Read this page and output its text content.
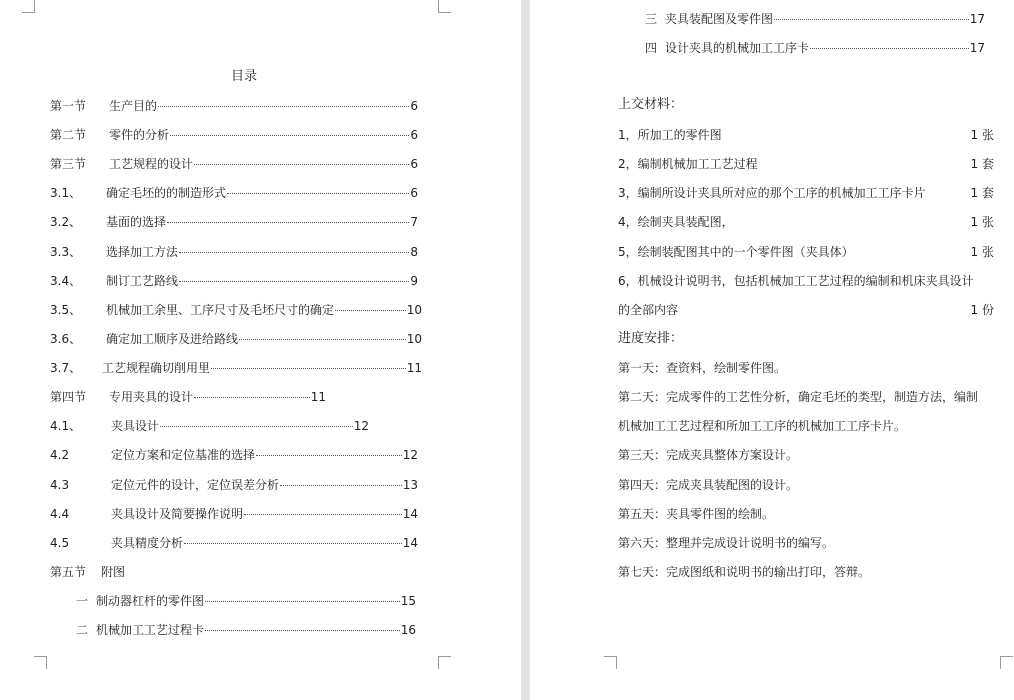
目录
第一节 生产目的	6
第二节 零件的分析	6
第三节 工艺规程的设计	6
3.1、 确定毛坯的的制造形式	6
3.2、 基面的选择	7
3.3、 选择加工方法	8
3.4、 制订工艺路线	9
3.5、 机械加工余里、工序尺寸及毛坯尺寸的确定	10
3.6、 确定加工顺序及进给路线	10
3.7、 工艺规程确切削用里	11
第四节 专用夹具的设计	11
4.1、 夹具设计	12
4.2	定位方案和定位基准的选择	12
4.3	定位元件的设计，定位误差分析	13
4.4	夹具设计及简要操作说明	14
4.5	夹具精度分析	14
第五节 附图
一 制动器杠杆的零件图	15
二 机械加工工艺过程卡	16
三 夹具装配图及零件图	17
四 设计夹具的机械加工工序卡	17
上交材料：
1，所加工的零件图	1 张
2，编制机械加工工艺过程	1 套
3，编制所设计夹具所对应的那个工序的机械加工工序卡片	1 套
4，绘制夹具装配图，	1 张
5，绘制装配图其中的一个零件图（夹具体）	1 张
6，机械设计说明书，包括机械加工工艺过程的编制和机床夹具设计
的全部内容	1 份
进度安排：
第一天：查资料，绘制零件图。
第二天：完成零件的工艺性分析，确定毛坯的类型，制造方法，编制
机械加工工艺过程和所加工工序的机械加工工序卡片。
第三天：完成夹具整体方案设计。
第四天：完成夹具装配图的设计。
第五天：夹具零件图的绘制。
第六天：整理并完成设计说明书的编写。
第七天：完成图纸和说明书的输出打印，答辩。
